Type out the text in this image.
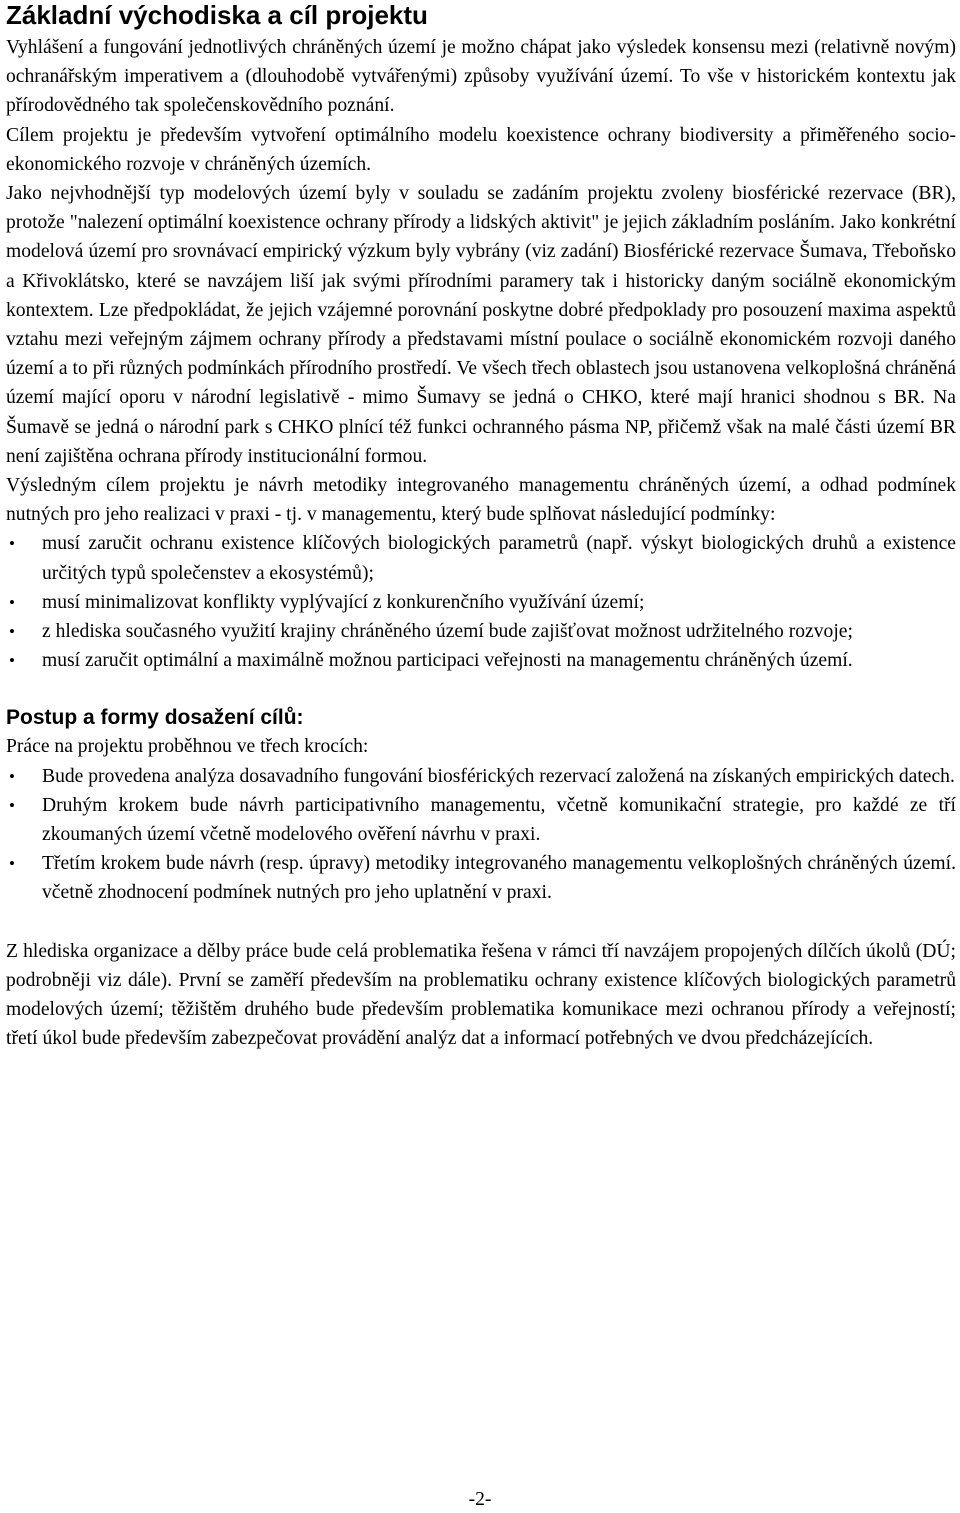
Základní východiska a cíl projektu

Vyhlášení a fungování jednotlivých chráněných území je možno chápat jako výsledek konsensu mezi (relativně novým) ochranářským imperativem a (dlouhodobě vytvářenými) způsoby využívání území. To vše v historickém kontextu jak přírodovědného tak společenskovědního poznání.

Cílem projektu je především vytvoření optimálního modelu koexistence ochrany biodiversity a přiměřeného socio-ekonomického rozvoje v chráněných územích.

Jako nejvhodnější typ modelových území byly v souladu se zadáním projektu zvoleny biosférické rezervace (BR), protože "nalezení optimální koexistence ochrany přírody a lidských aktivit" je jejich základním posláním. Jako konkrétní modelová území pro srovnávací empirický výzkum byly vybrány (viz zadání) Biosférické rezervace Šumava, Třeboňsko a Křivoklátsko, které se navzájem liší jak svými přírodními paramery tak i historicky daným sociálně ekonomickým kontextem. Lze předpokládat, že jejich vzájemné porovnání poskytne dobré předpoklady pro posouzení maxima aspektů vztahu mezi veřejným zájmem ochrany přírody a představami místní poulace o sociálně ekonomickém rozvoji daného území a to při různých podmínkách přírodního prostředí. Ve všech třech oblastech jsou ustanovena velkoplošná chráněná území mající oporu v národní legislativě - mimo Šumavy se jedná o CHKO, které mají hranici shodnou s BR. Na Šumavě se jedná o národní park s CHKO plnící též funkci ochranného pásma NP, přičemž však na malé části území BR není zajištěna ochrana přírody institucionální formou.

Výsledným cílem projektu je návrh metodiky integrovaného managementu chráněných území, a odhad podmínek nutných pro jeho realizaci v praxi - tj. v managementu, který bude splňovat následující podmínky:

• musí zaručit ochranu existence klíčových biologických parametrů (např. výskyt biologických druhů a existence určitých typů společenstev a ekosystémů);
• musí minimalizovat konflikty vyplývající z konkurenčního využívání území;
• z hlediska současného využití krajiny chráněného území bude zajišťovat možnost udržitelného rozvoje;
• musí zaručit optimální a maximálně možnou participaci veřejnosti na managementu chráněných území.
Postup a formy dosažení cílů:

Práce na projektu proběhnou ve třech krocích:

• Bude provedena analýza dosavadního fungování biosférických rezervací založená na získaných empirických datech.
• Druhým krokem bude návrh participativního managementu, včetně komunikační strategie, pro každé ze tří zkoumaných území včetně modelového ověření návrhu v praxi.
• Třetím krokem bude návrh (resp. úpravy) metodiky integrovaného managementu velkoplošných chráněných území. včetně zhodnocení podmínek nutných pro jeho uplatnění v praxi.

Z hlediska organizace a dělby práce bude celá problematika řešena v rámci tří navzájem propojených dílčích úkolů (DÚ; podrobněji viz dále). První se zaměří především na problematiku ochrany existence klíčových biologických parametrů modelových území; těžištěm druhého bude především problematika komunikace mezi ochranou přírody a veřejností; třetí úkol bude především zabezpečovat provádění analýz dat a informací potřebných ve dvou předcházejících.

-2-
